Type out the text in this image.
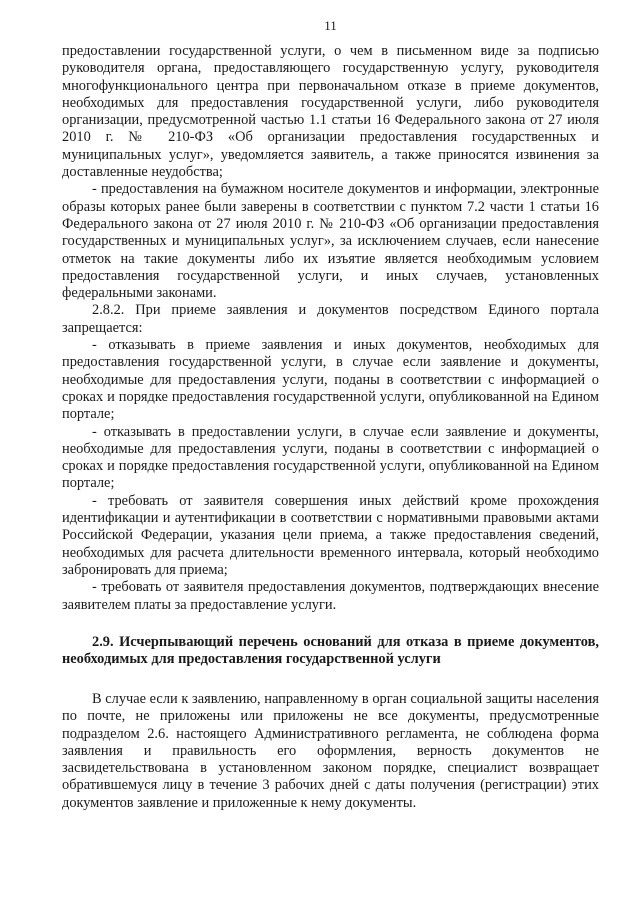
11

предоставлении государственной услуги, о чем в письменном виде за подписью руководителя органа, предоставляющего государственную услугу, руководителя многофункционального центра при первоначальном отказе в приеме документов, необходимых для предоставления государственной услуги, либо руководителя организации, предусмотренной частью 1.1 статьи 16 Федерального закона от 27 июля 2010 г. № 210-ФЗ «Об организации предоставления государственных и муниципальных услуг», уведомляется заявитель, а также приносятся извинения за доставленные неудобства;

- предоставления на бумажном носителе документов и информации, электронные образы которых ранее были заверены в соответствии с пунктом 7.2 части 1 статьи 16 Федерального закона от 27 июля 2010 г. № 210-ФЗ «Об организации предоставления государственных и муниципальных услуг», за исключением случаев, если нанесение отметок на такие документы либо их изъятие является необходимым условием предоставления государственной услуги, и иных случаев, установленных федеральными законами.

2.8.2. При приеме заявления и документов посредством Единого портала запрещается:

- отказывать в приеме заявления и иных документов, необходимых для предоставления государственной услуги, в случае если заявление и документы, необходимые для предоставления услуги, поданы в соответствии с информацией о сроках и порядке предоставления государственной услуги, опубликованной на Едином портале;

- отказывать в предоставлении услуги, в случае если заявление и документы, необходимые для предоставления услуги, поданы в соответствии с информацией о сроках и порядке предоставления государственной услуги, опубликованной на Едином портале;

- требовать от заявителя совершения иных действий кроме прохождения идентификации и аутентификации в соответствии с нормативными правовыми актами Российской Федерации, указания цели приема, а также предоставления сведений, необходимых для расчета длительности временного интервала, который необходимо забронировать для приема;

- требовать от заявителя предоставления документов, подтверждающих внесение заявителем платы за предоставление услуги.

2.9. Исчерпывающий перечень оснований для отказа в приеме документов, необходимых для предоставления государственной услуги

В случае если к заявлению, направленному в орган социальной защиты населения по почте, не приложены или приложены не все документы, предусмотренные подразделом 2.6. настоящего Административного регламента, не соблюдена форма заявления и правильность его оформления, верность документов не засвидетельствована в установленном законом порядке, специалист возвращает обратившемуся лицу в течение 3 рабочих дней с даты получения (регистрации) этих документов заявление и приложенные к нему документы.
